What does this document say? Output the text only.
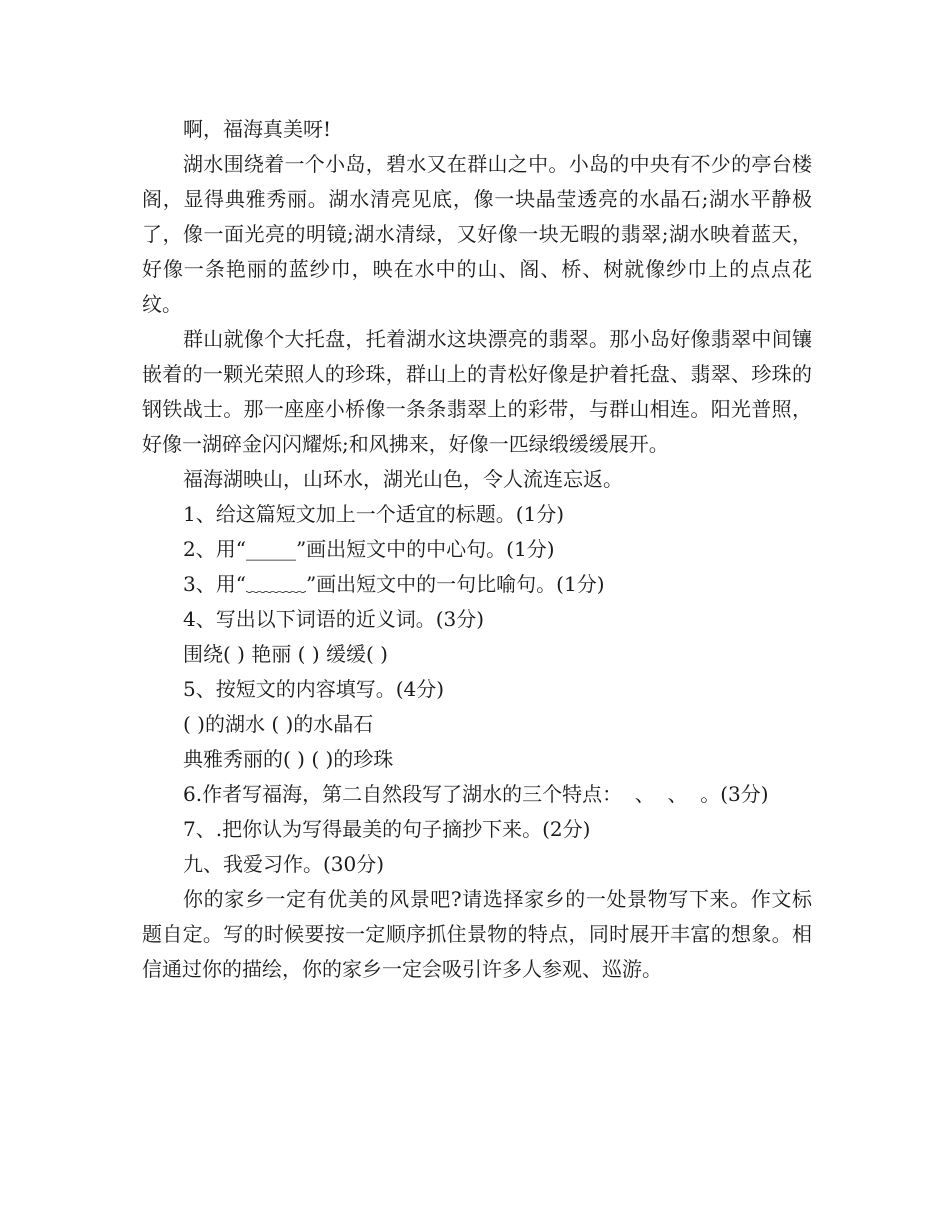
啊，福海真美呀!

湖水围绕着一个小岛，碧水又在群山之中。小岛的中央有不少的亭台楼阁，显得典雅秀丽。湖水清亮见底，像一块晶莹透亮的水晶石;湖水平静极了，像一面光亮的明镜;湖水清绿，又好像一块无暇的翡翠;湖水映着蓝天，好像一条艳丽的蓝纱巾，映在水中的山、阁、桥、树就像纱巾上的点点花纹。

群山就像个大托盘，托着湖水这块漂亮的翡翠。那小岛好像翡翠中间镶嵌着的一颗光荣照人的珍珠，群山上的青松好像是护着托盘、翡翠、珍珠的钢铁战士。那一座座小桥像一条条翡翠上的彩带，与群山相连。阳光普照，好像一湖碎金闪闪耀烁;和风拂来，好像一匹绿缎缓缓展开。

福海湖映山，山环水，湖光山色，令人流连忘返。

1、给这篇短文加上一个适宜的标题。(1分)

2、用“_____”画出短文中的中心句。(1分)

3、用“﹏﹏﹏”画出短文中的一句比喻句。(1分)

4、写出以下词语的近义词。(3分)

围绕( ) 艳丽 ( ) 缓缓( )

5、按短文的内容填写。(4分)

( )的湖水 ( )的水晶石

典雅秀丽的( ) ( )的珍珠

6.作者写福海，第二自然段写了湖水的三个特点：  、  、  。(3分)

7、.把你认为写得最美的句子摘抄下来。(2分)

九、我爱习作。(30分)

你的家乡一定有优美的风景吧?请选择家乡的一处景物写下来。作文标题自定。写的时候要按一定顺序抓住景物的特点，同时展开丰富的想象。相信通过你的描绘，你的家乡一定会吸引许多人参观、巡游。
